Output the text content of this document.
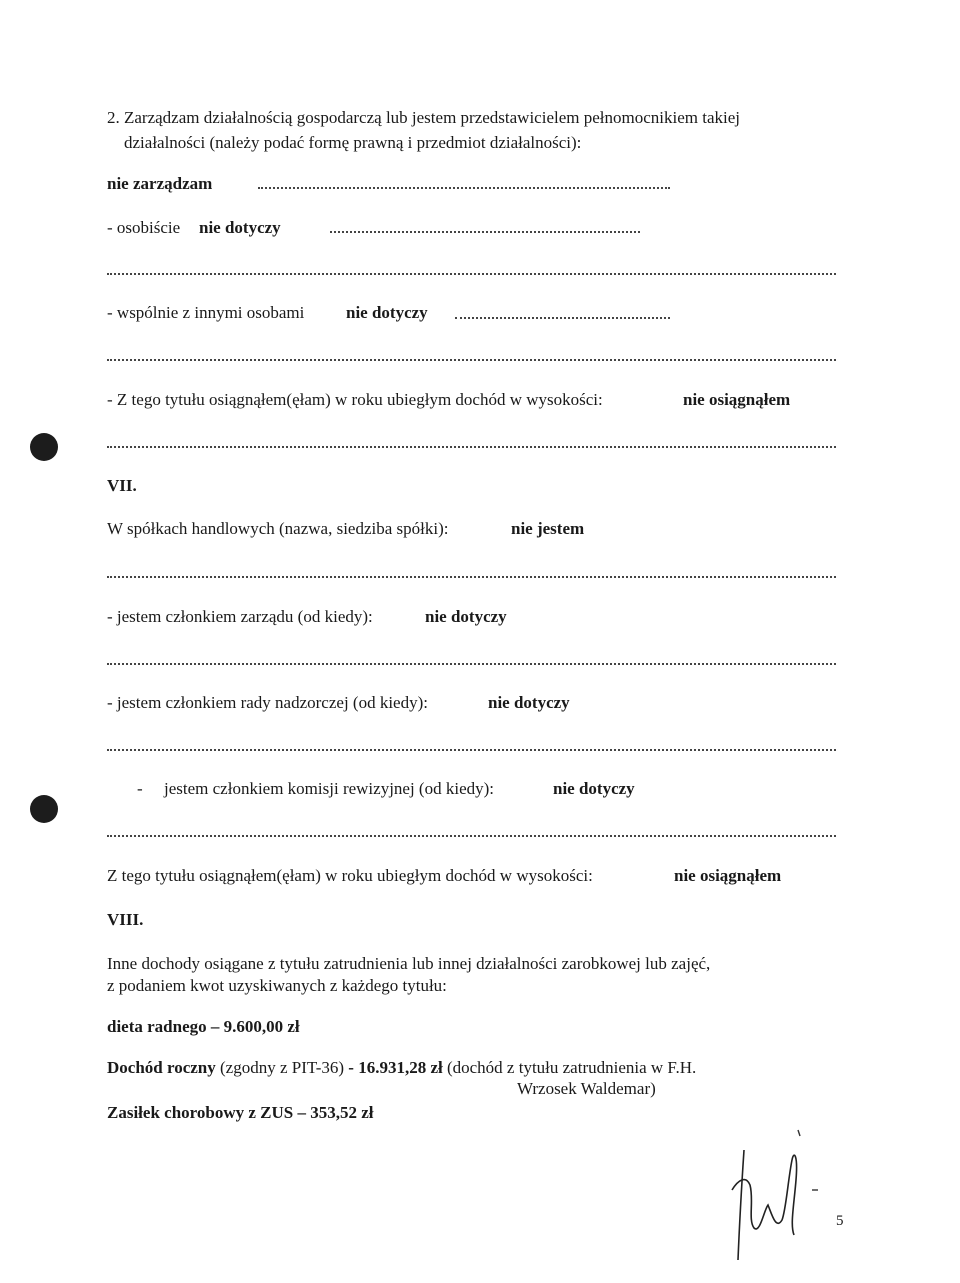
2. Zarządzam działalnością gospodarczą lub jestem przedstawicielem pełnomocnikiem takiej
działalności (należy podać formę prawną i przedmiot działalności):
nie zarządzam
- osobiście nie dotyczy
- wspólnie z innymi osobami nie dotyczy
- Z tego tytułu osiągnąłem(ęłam) w roku ubiegłym dochód w wysokości:	nie osiągnąłem
VII.
W spółkach handlowych (nazwa, siedziba spółki):	nie jestem
- jestem członkiem zarządu (od kiedy):	nie dotyczy
- jestem członkiem rady nadzorczej (od kiedy):	nie dotyczy
- jestem członkiem komisji rewizyjnej (od kiedy):	nie dotyczy
Z tego tytułu osiągnąłem(ęłam) w roku ubiegłym dochód w wysokości:	nie osiągnąłem
VIII.
Inne dochody osiągane z tytułu zatrudnienia lub innej działalności zarobkowej lub zajęć,
z podaniem kwot uzyskiwanych z każdego tytułu:
dieta radnego – 9.600,00 zł
Dochód roczny (zgodny z PIT-36) - 16.931,28 zł (dochód z tytułu zatrudnienia w F.H.
Wrzosek Waldemar)
Zasiłek chorobowy z ZUS – 353,52 zł
5
